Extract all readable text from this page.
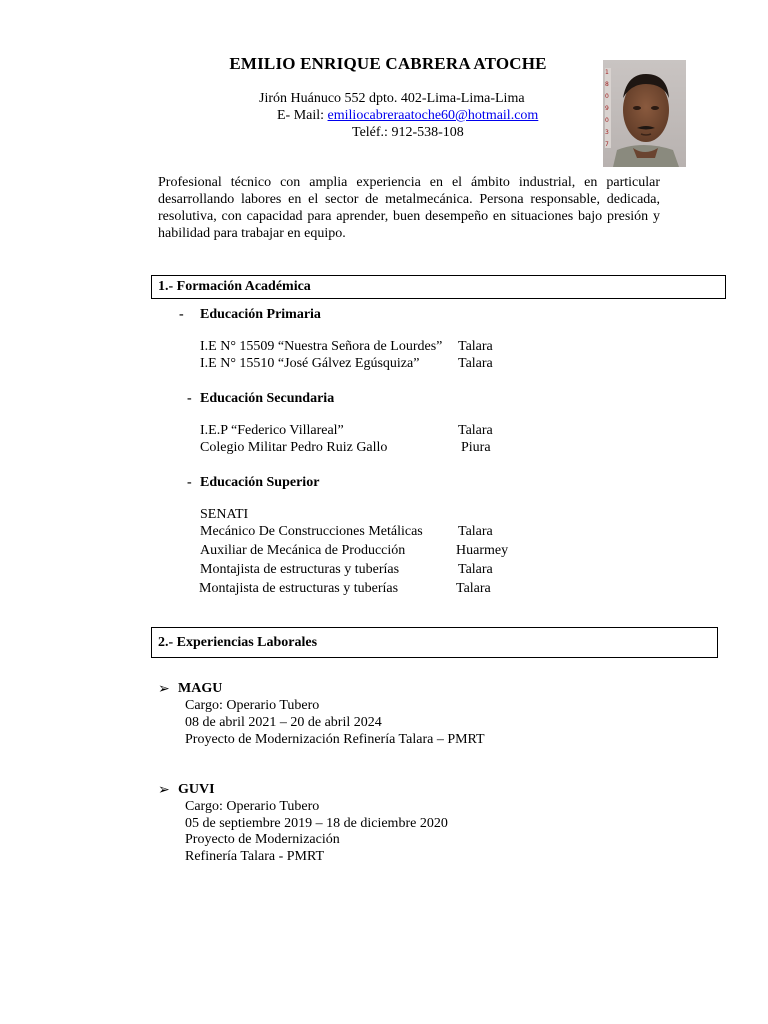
EMILIO ENRIQUE CABRERA ATOCHE
Jirón Huánuco 552 dpto. 402-Lima-Lima-Lima
E- Mail: emiliocabreraatoche60@hotmail.com
Teléf.: 912-538-108
1
8
0
9
0
3
7
Profesional técnico con amplia experiencia en el ámbito industrial, en particular desarrollando labores en el sector de metalmecánica. Persona responsable, dedicada, resolutiva, con capacidad para aprender, buen desempeño en situaciones bajo presión y habilidad para trabajar en equipo.
1.- Formación Académica
- Educación Primaria
I.E N° 15509 “Nuestra Señora de Lourdes” Talara
I.E N° 15510 “José Gálvez Egúsquiza”	Talara
- Educación Secundaria
I.E.P “Federico Villareal”	Talara
Colegio Militar Pedro Ruiz Gallo	Piura
- Educación Superior
SENATI
Mecánico De Construcciones Metálicas	Talara
Auxiliar de Mecánica de Producción	Huarmey
Montajista de estructuras y tuberías	Talara
Montajista de estructuras y tuberías	Talara
2.- Experiencias Laborales
➢ MAGU
Cargo: Operario Tubero
08 de abril 2021 – 20 de abril 2024
Proyecto de Modernización Refinería Talara – PMRT
➢ GUVI
Cargo: Operario Tubero
05 de septiembre 2019 – 18 de diciembre 2020
Proyecto de Modernización
Refinería Talara - PMRT
